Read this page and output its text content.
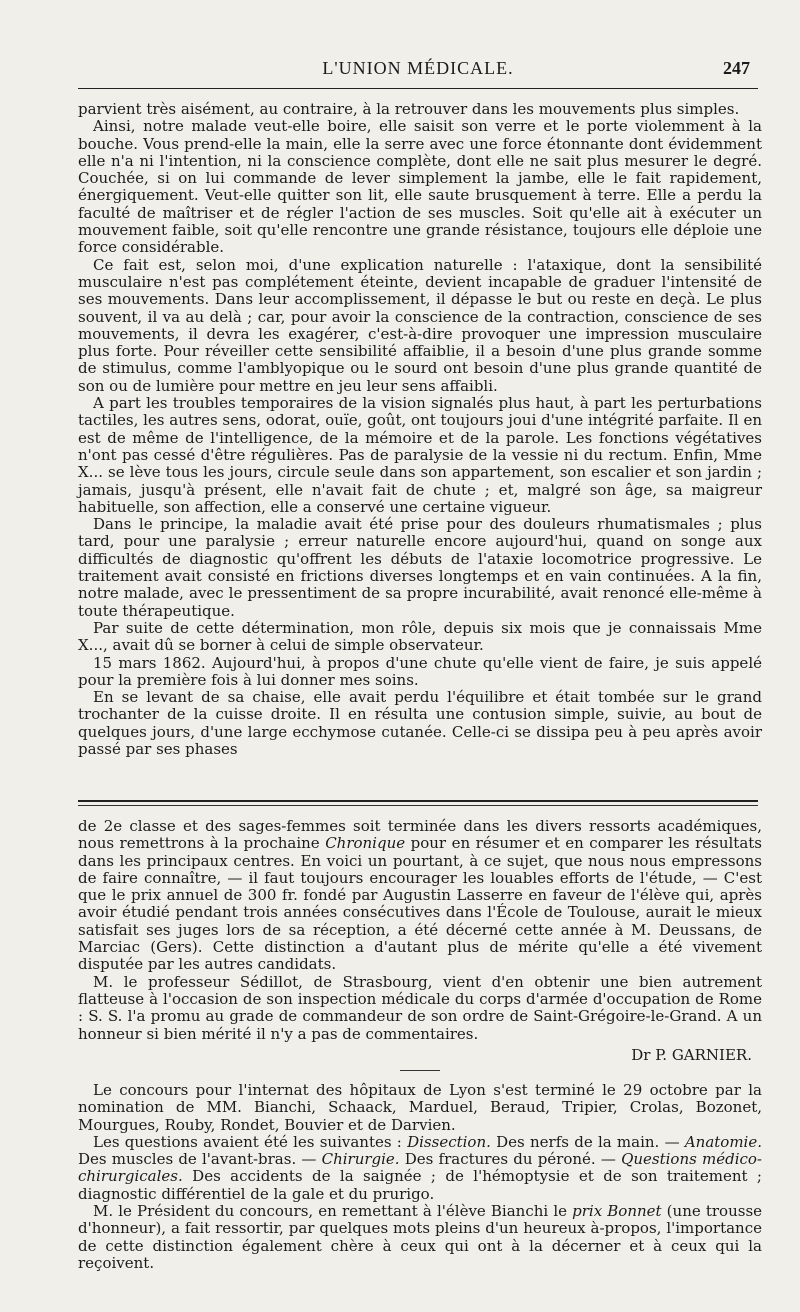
L'UNION MÉDICALE.	247

parvient très aisément, au contraire, à la retrouver dans les mouvements plus simples.

Ainsi, notre malade veut-elle boire, elle saisit son verre et le porte violemment à la bouche. Vous prend-elle la main, elle la serre avec une force étonnante dont évidemment elle n'a ni l'intention, ni la conscience complète, dont elle ne sait plus mesurer le degré. Couchée, si on lui commande de lever simplement la jambe, elle le fait rapidement, énergiquement. Veut-elle quitter son lit, elle saute brusquement à terre. Elle a perdu la faculté de maîtriser et de régler l'action de ses muscles. Soit qu'elle ait à exécuter un mouvement faible, soit qu'elle rencontre une grande résistance, toujours elle déploie une force considérable.

Ce fait est, selon moi, d'une explication naturelle : l'ataxique, dont la sensibilité musculaire n'est pas complétement éteinte, devient incapable de graduer l'intensité de ses mouvements. Dans leur accomplissement, il dépasse le but ou reste en deçà. Le plus souvent, il va au delà ; car, pour avoir la conscience de la contraction, conscience de ses mouvements, il devra les exagérer, c'est-à-dire provoquer une impression musculaire plus forte. Pour réveiller cette sensibilité affaiblie, il a besoin d'une plus grande somme de stimulus, comme l'amblyopique ou le sourd ont besoin d'une plus grande quantité de son ou de lumière pour mettre en jeu leur sens affaibli.

A part les troubles temporaires de la vision signalés plus haut, à part les perturbations tactiles, les autres sens, odorat, ouïe, goût, ont toujours joui d'une intégrité parfaite. Il en est de même de l'intelligence, de la mémoire et de la parole. Les fonctions végétatives n'ont pas cessé d'être régulières. Pas de paralysie de la vessie ni du rectum. Enfin, Mme X... se lève tous les jours, circule seule dans son appartement, son escalier et son jardin ; jamais, jusqu'à présent, elle n'avait fait de chute ; et, malgré son âge, sa maigreur habituelle, son affection, elle a conservé une certaine vigueur.

Dans le principe, la maladie avait été prise pour des douleurs rhumatismales ; plus tard, pour une paralysie ; erreur naturelle encore aujourd'hui, quand on songe aux difficultés de diagnostic qu'offrent les débuts de l'ataxie locomotrice progressive. Le traitement avait consisté en frictions diverses longtemps et en vain continuées. A la fin, notre malade, avec le pressentiment de sa propre incurabilité, avait renoncé elle-même à toute thérapeutique.

Par suite de cette détermination, mon rôle, depuis six mois que je connaissais Mme X..., avait dû se borner à celui de simple observateur.

15 mars 1862. Aujourd'hui, à propos d'une chute qu'elle vient de faire, je suis appelé pour la première fois à lui donner mes soins.

En se levant de sa chaise, elle avait perdu l'équilibre et était tombée sur le grand trochanter de la cuisse droite. Il en résulta une contusion simple, suivie, au bout de quelques jours, d'une large ecchymose cutanée. Celle-ci se dissipa peu à peu après avoir passé par ses phases

de 2e classe et des sages-femmes soit terminée dans les divers ressorts académiques, nous remettrons à la prochaine Chronique pour en résumer et en comparer les résultats dans les principaux centres. En voici un pourtant, à ce sujet, que nous nous empressons de faire connaître, — il faut toujours encourager les louables efforts de l'étude, — C'est que le prix annuel de 300 fr. fondé par Augustin Lasserre en faveur de l'élève qui, après avoir étudié pendant trois années consécutives dans l'École de Toulouse, aurait le mieux satisfait ses juges lors de sa réception, a été décerné cette année à M. Deussans, de Marciac (Gers). Cette distinction a d'autant plus de mérite qu'elle a été vivement disputée par les autres candidats.

M. le professeur Sédillot, de Strasbourg, vient d'en obtenir une bien autrement flatteuse à l'occasion de son inspection médicale du corps d'armée d'occupation de Rome : S. S. l'a promu au grade de commandeur de son ordre de Saint-Grégoire-le-Grand. A un honneur si bien mérité il n'y a pas de commentaires.

Dr P. GARNIER.

Le concours pour l'internat des hôpitaux de Lyon s'est terminé le 29 octobre par la nomination de MM. Bianchi, Schaack, Marduel, Beraud, Tripier, Crolas, Bozonet, Mourgues, Rouby, Rondet, Bouvier et de Darvien.

Les questions avaient été les suivantes : Dissection. Des nerfs de la main. — Anatomie. Des muscles de l'avant-bras. — Chirurgie. Des fractures du péroné. — Questions médico-chirurgicales. Des accidents de la saignée ; de l'hémoptysie et de son traitement ; diagnostic différentiel de la gale et du prurigo.

M. le Président du concours, en remettant à l'élève Bianchi le prix Bonnet (une trousse d'honneur), a fait ressortir, par quelques mots pleins d'un heureux à-propos, l'importance de cette distinction également chère à ceux qui ont à la décerner et à ceux qui la reçoivent.
